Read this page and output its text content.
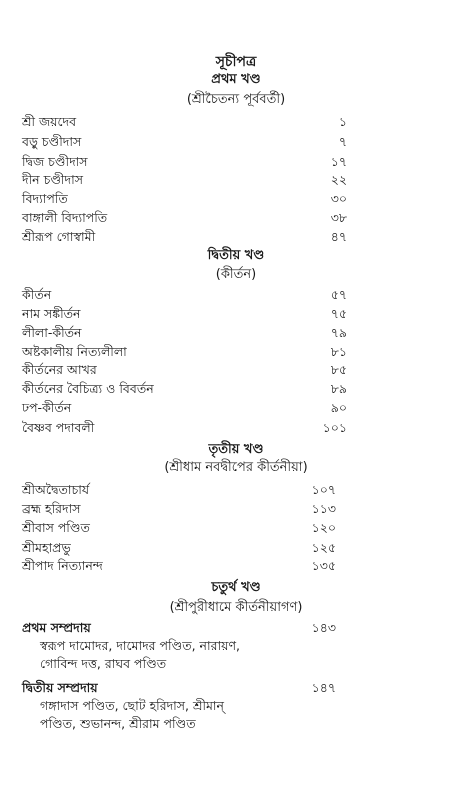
সূচীপত্র
প্রথম খণ্ড
(শ্রীচৈতন্য পূর্ববর্তী)
শ্রী জয়দেব	১
বড়ু চণ্ডীদাস	৭
দ্বিজ চণ্ডীদাস	১৭
দীন চণ্ডীদাস	২২
বিদ্যাপতি	৩০
বাঙ্গালী বিদ্যাপতি	৩৮
শ্রীরূপ গোস্বামী	৪৭
দ্বিতীয় খণ্ড
(কীর্তন)
কীর্তন	৫৭
নাম সঙ্কীর্তন	৭৫
লীলা-কীর্তন	৭৯
অষ্টকালীয় নিত্যলীলা	৮১
কীর্তনের আখর	৮৫
কীর্তনের বৈচিত্র্য ও বিবর্তন	৮৯
ঢপ-কীর্তন	৯০
বৈষ্ণব পদাবলী	১০১
তৃতীয় খণ্ড
(শ্রীধাম নবদ্বীপের কীর্তনীয়া)
শ্রীঅদ্বৈতাচার্য	১০৭
ব্রহ্ম হরিদাস	১১৩
শ্রীবাস পণ্ডিত	১২০
শ্রীমহাপ্রভু	১২৫
শ্রীপাদ নিত্যানন্দ	১৩৫
চতুর্থ খণ্ড
(শ্রীপুরীধামে কীর্তনীয়াগণ)
প্রথম সম্প্রদায়	১৪৩
স্বরূপ দামোদর, দামোদর পণ্ডিত, নারায়ণ,
গোবিন্দ দত্ত, রাঘব পণ্ডিত
দ্বিতীয় সম্প্রদায়	১৪৭
গঙ্গাদাস পণ্ডিত, ছোট হরিদাস, শ্রীমান্
পণ্ডিত, শুভানন্দ, শ্রীরাম পণ্ডিত
